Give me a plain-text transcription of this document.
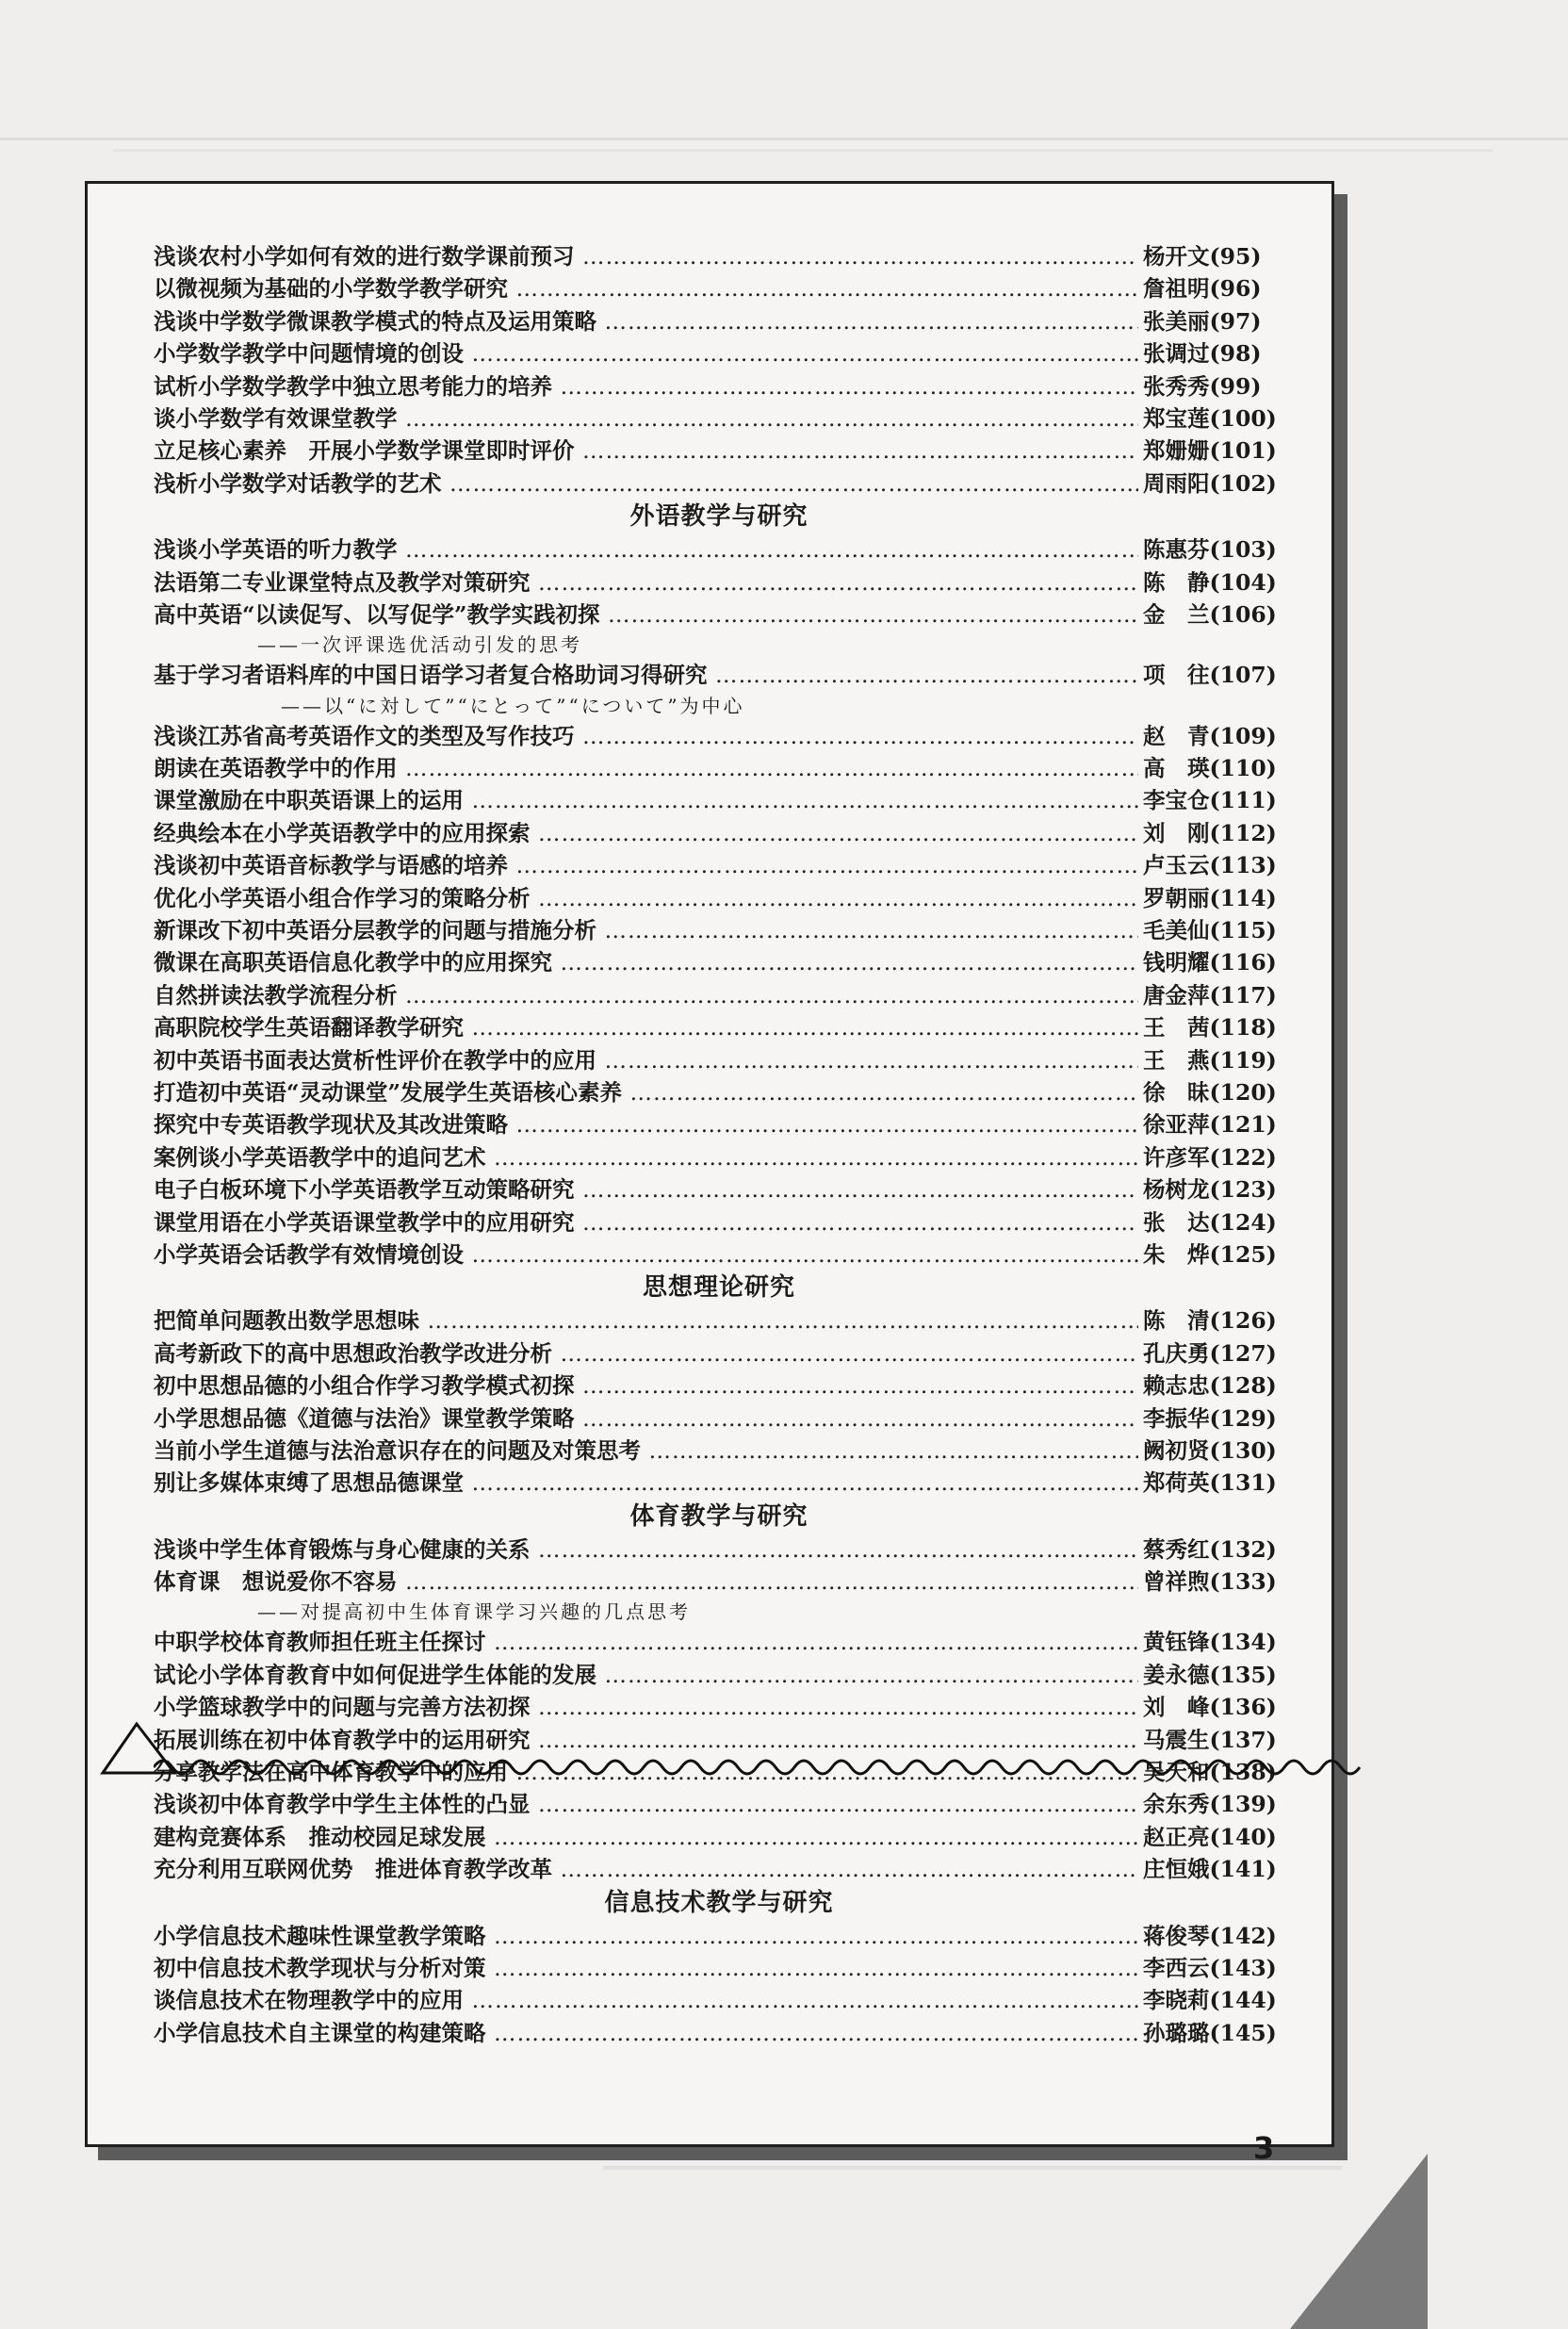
浅谈农村小学如何有效的进行数学课前预习 ……………………………………………………………………………………………………………………………………………………………………………………………	杨开文(95)
以微视频为基础的小学数学教学研究 ……………………………………………………………………………………………………………………………………………………………………………………………	詹祖明(96)
浅谈中学数学微课教学模式的特点及运用策略 ……………………………………………………………………………………………………………………………………………………………………………………………	张美丽(97)
小学数学教学中问题情境的创设 ……………………………………………………………………………………………………………………………………………………………………………………………	张调过(98)
试析小学数学教学中独立思考能力的培养 ……………………………………………………………………………………………………………………………………………………………………………………………	张秀秀(99)
谈小学数学有效课堂教学 ……………………………………………………………………………………………………………………………………………………………………………………………	郑宝莲(100)
立足核心素养　开展小学数学课堂即时评价 ……………………………………………………………………………………………………………………………………………………………………………………………	郑姗姗(101)
浅析小学数学对话教学的艺术 ……………………………………………………………………………………………………………………………………………………………………………………………	周雨阳(102)
外语教学与研究
浅谈小学英语的听力教学 ……………………………………………………………………………………………………………………………………………………………………………………………	陈惠芬(103)
法语第二专业课堂特点及教学对策研究 ……………………………………………………………………………………………………………………………………………………………………………………………	陈　静(104)
高中英语“以读促写、以写促学”教学实践初探 ……………………………………………………………………………………………………………………………………………………………………………………………	金　兰(106)
——一次评课选优活动引发的思考
基于学习者语料库的中国日语学习者复合格助词习得研究 ……………………………………………………………………………………………………………………………………………………………………………………………	项　往(107)
——以“に対して”“にとって”“について”为中心
浅谈江苏省高考英语作文的类型及写作技巧 ……………………………………………………………………………………………………………………………………………………………………………………………	赵　青(109)
朗读在英语教学中的作用 ……………………………………………………………………………………………………………………………………………………………………………………………	高　瑛(110)
课堂激励在中职英语课上的运用 ……………………………………………………………………………………………………………………………………………………………………………………………	李宝仓(111)
经典绘本在小学英语教学中的应用探索 ……………………………………………………………………………………………………………………………………………………………………………………………	刘　刚(112)
浅谈初中英语音标教学与语感的培养 ……………………………………………………………………………………………………………………………………………………………………………………………	卢玉云(113)
优化小学英语小组合作学习的策略分析 ……………………………………………………………………………………………………………………………………………………………………………………………	罗朝丽(114)
新课改下初中英语分层教学的问题与措施分析 ……………………………………………………………………………………………………………………………………………………………………………………………	毛美仙(115)
微课在高职英语信息化教学中的应用探究 ……………………………………………………………………………………………………………………………………………………………………………………………	钱明耀(116)
自然拼读法教学流程分析 ……………………………………………………………………………………………………………………………………………………………………………………………	唐金萍(117)
高职院校学生英语翻译教学研究 ……………………………………………………………………………………………………………………………………………………………………………………………	王　茜(118)
初中英语书面表达赏析性评价在教学中的应用 ……………………………………………………………………………………………………………………………………………………………………………………………	王　燕(119)
打造初中英语“灵动课堂”发展学生英语核心素养 ……………………………………………………………………………………………………………………………………………………………………………………………	徐　昧(120)
探究中专英语教学现状及其改进策略 ……………………………………………………………………………………………………………………………………………………………………………………………	徐亚萍(121)
案例谈小学英语教学中的追问艺术 ……………………………………………………………………………………………………………………………………………………………………………………………	许彦军(122)
电子白板环境下小学英语教学互动策略研究 ……………………………………………………………………………………………………………………………………………………………………………………………	杨树龙(123)
课堂用语在小学英语课堂教学中的应用研究 ……………………………………………………………………………………………………………………………………………………………………………………………	张　达(124)
小学英语会话教学有效情境创设 ……………………………………………………………………………………………………………………………………………………………………………………………	朱　烨(125)
思想理论研究
把简单问题教出数学思想味 ……………………………………………………………………………………………………………………………………………………………………………………………	陈　清(126)
高考新政下的高中思想政治教学改进分析 ……………………………………………………………………………………………………………………………………………………………………………………………	孔庆勇(127)
初中思想品德的小组合作学习教学模式初探 ……………………………………………………………………………………………………………………………………………………………………………………………	赖志忠(128)
小学思想品德《道德与法治》课堂教学策略 ……………………………………………………………………………………………………………………………………………………………………………………………	李振华(129)
当前小学生道德与法治意识存在的问题及对策思考 ……………………………………………………………………………………………………………………………………………………………………………………………	阙初贤(130)
别让多媒体束缚了思想品德课堂 ……………………………………………………………………………………………………………………………………………………………………………………………	郑荷英(131)
体育教学与研究
浅谈中学生体育锻炼与身心健康的关系 ……………………………………………………………………………………………………………………………………………………………………………………………	蔡秀红(132)
体育课　想说爱你不容易 ……………………………………………………………………………………………………………………………………………………………………………………………	曾祥煦(133)
——对提高初中生体育课学习兴趣的几点思考
中职学校体育教师担任班主任探讨 ……………………………………………………………………………………………………………………………………………………………………………………………	黄钰锋(134)
试论小学体育教育中如何促进学生体能的发展 ……………………………………………………………………………………………………………………………………………………………………………………………	姜永德(135)
小学篮球教学中的问题与完善方法初探 ……………………………………………………………………………………………………………………………………………………………………………………………	刘　峰(136)
拓展训练在初中体育教学中的运用研究 ……………………………………………………………………………………………………………………………………………………………………………………………	马震生(137)
分享教学法在高中体育教学中的应用 ……………………………………………………………………………………………………………………………………………………………………………………………	吴天和(138)
浅谈初中体育教学中学生主体性的凸显 ……………………………………………………………………………………………………………………………………………………………………………………………	余东秀(139)
建构竞赛体系　推动校园足球发展 ……………………………………………………………………………………………………………………………………………………………………………………………	赵正亮(140)
充分利用互联网优势　推进体育教学改革 ……………………………………………………………………………………………………………………………………………………………………………………………	庄恒娥(141)
信息技术教学与研究
小学信息技术趣味性课堂教学策略 ……………………………………………………………………………………………………………………………………………………………………………………………	蒋俊琴(142)
初中信息技术教学现状与分析对策 ……………………………………………………………………………………………………………………………………………………………………………………………	李西云(143)
谈信息技术在物理教学中的应用 ……………………………………………………………………………………………………………………………………………………………………………………………	李晓莉(144)
小学信息技术自主课堂的构建策略 ……………………………………………………………………………………………………………………………………………………………………………………………	孙璐璐(145)
3
